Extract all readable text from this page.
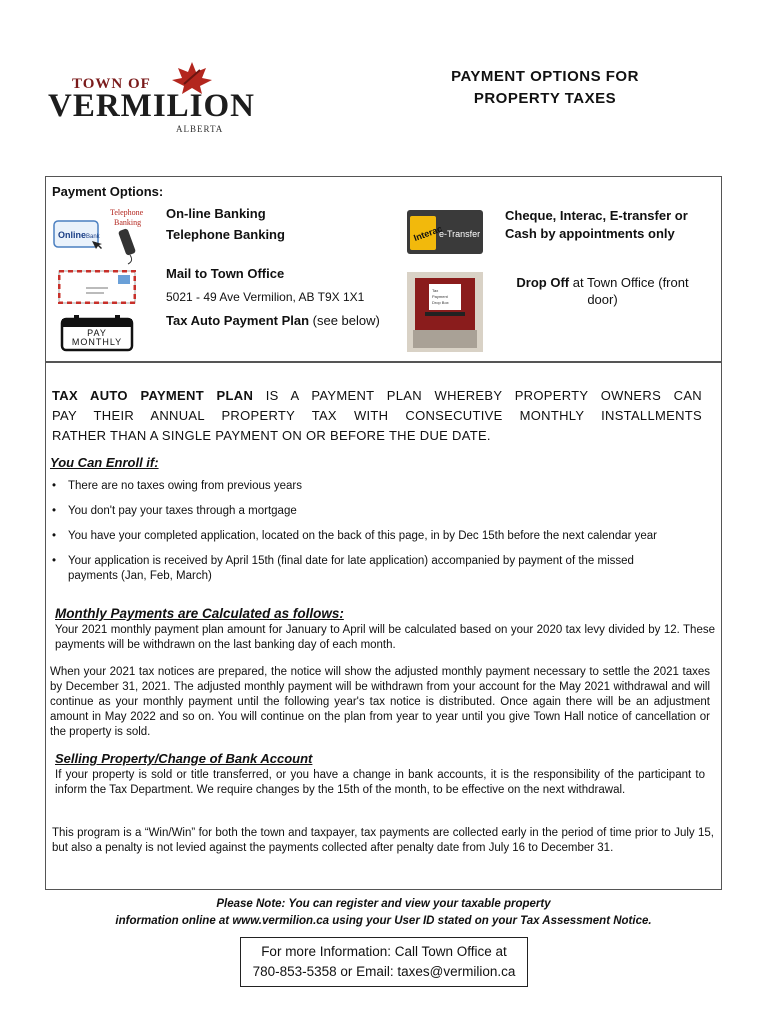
TOWN OF
VERMILION
ALBERTA
PAYMENT OPTIONS FOR
PROPERTY TAXES
Payment Options:
Online Bank
Telephone
Banking
On-line Banking
Telephone Banking
Mail to Town Office
5021 - 49 Ave Vermilion, AB T9X 1X1
PAY
MONTHLY
Tax Auto Payment Plan (see below)
Interac
e-Transfer
Cheque, Interac, E-transfer or
Cash by appointments only
Tax
Payment
Drop Box
Drop Off at Town Office (front
door)
TAX AUTO PAYMENT PLAN IS A PAYMENT PLAN WHEREBY PROPERTY OWNERS CAN
PAY THEIR ANNUAL PROPERTY TAX WITH CONSECUTIVE MONTHLY INSTALLMENTS
RATHER THAN A SINGLE PAYMENT ON OR BEFORE THE DUE DATE.
You Can Enroll if:
• There are no taxes owing from previous years
• You don't pay your taxes through a mortgage
• You have your completed application, located on the back of this page, in by Dec 15th before the next calendar year
• Your application is received by April 15th (final date for late application) accompanied by payment of the missed payments (Jan, Feb, March)
Monthly Payments are Calculated as follows:
Your 2021 monthly payment plan amount for January to April will be calculated based on your 2020 tax levy divided by 12. These payments will be withdrawn on the last banking day of each month.
When your 2021 tax notices are prepared, the notice will show the adjusted monthly payment necessary to settle the 2021 taxes by December 31, 2021. The adjusted monthly payment will be withdrawn from your account for the May 2021 withdrawal and will continue as your monthly payment until the following year's tax notice is distributed. Once again there will be an adjustment amount in May 2022 and so on. You will continue on the plan from year to year until you give Town Hall notice of cancellation or the property is sold.
Selling Property/Change of Bank Account
If your property is sold or title transferred, or you have a change in bank accounts, it is the responsibility of the participant to inform the Tax Department. We require changes by the 15th of the month, to be effective on the next withdrawal.
This program is a “Win/Win” for both the town and taxpayer, tax payments are collected early in the period of time prior to July 15, but also a penalty is not levied against the payments collected after penalty date from July 16 to December 31.
Please Note: You can register and view your taxable property
information online at www.vermilion.ca using your User ID stated on your Tax Assessment Notice.
For more Information: Call Town Office at
780-853-5358 or Email: taxes@vermilion.ca
